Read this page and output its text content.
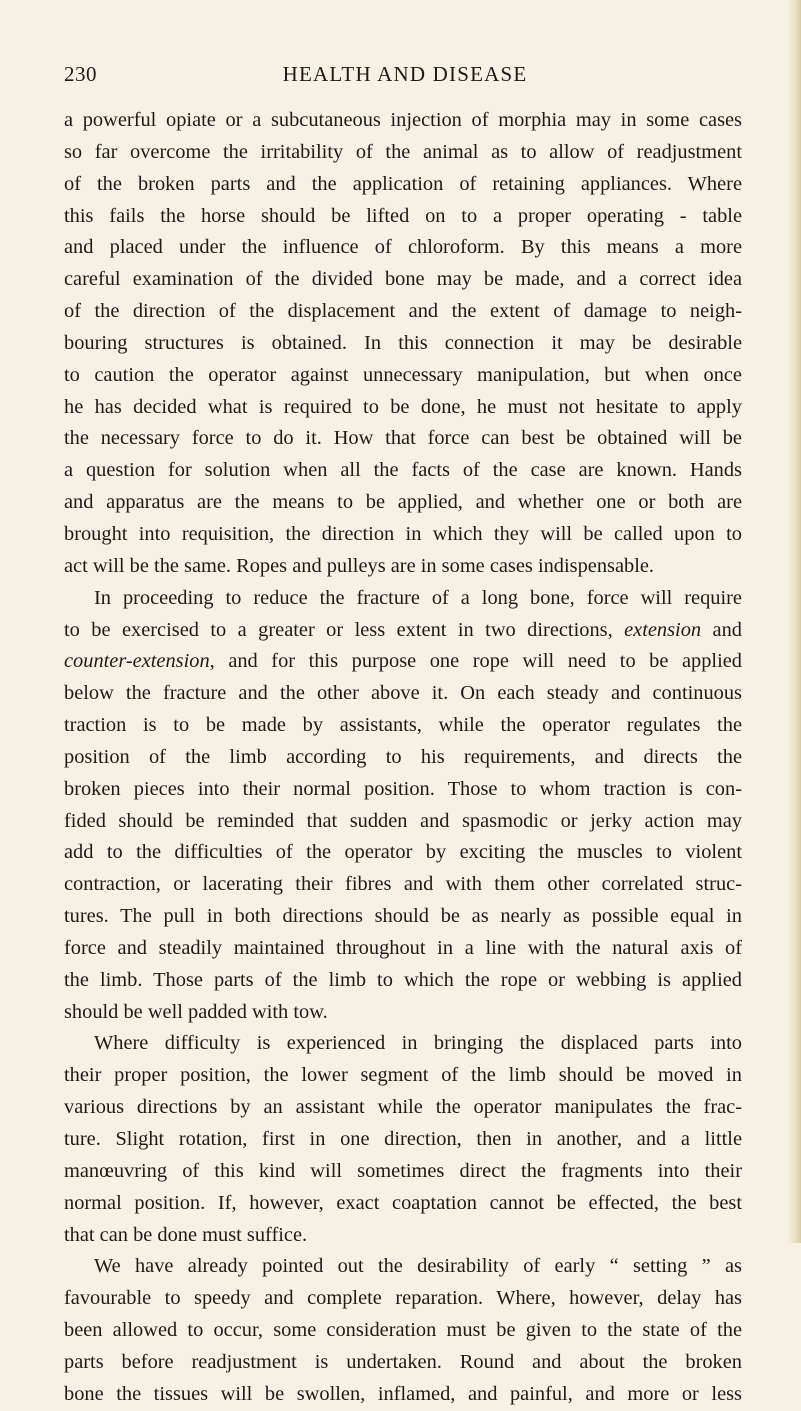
230	HEALTH AND DISEASE
a powerful opiate or a subcutaneous injection of morphia may in some cases
so far overcome the irritability of the animal as to allow of readjustment
of the broken parts and the application of retaining appliances. Where
this fails the horse should be lifted on to a proper operating - table
and placed under the influence of chloroform. By this means a more
careful examination of the divided bone may be made, and a correct idea
of the direction of the displacement and the extent of damage to neigh-
bouring structures is obtained. In this connection it may be desirable
to caution the operator against unnecessary manipulation, but when once
he has decided what is required to be done, he must not hesitate to apply
the necessary force to do it. How that force can best be obtained will be
a question for solution when all the facts of the case are known. Hands
and apparatus are the means to be applied, and whether one or both are
brought into requisition, the direction in which they will be called upon to
act will be the same. Ropes and pulleys are in some cases indispensable.
In proceeding to reduce the fracture of a long bone, force will require
to be exercised to a greater or less extent in two directions, extension and
counter-extension, and for this purpose one rope will need to be applied
below the fracture and the other above it. On each steady and continuous
traction is to be made by assistants, while the operator regulates the
position of the limb according to his requirements, and directs the
broken pieces into their normal position. Those to whom traction is con-
fided should be reminded that sudden and spasmodic or jerky action may
add to the difficulties of the operator by exciting the muscles to violent
contraction, or lacerating their fibres and with them other correlated struc-
tures. The pull in both directions should be as nearly as possible equal in
force and steadily maintained throughout in a line with the natural axis of
the limb. Those parts of the limb to which the rope or webbing is applied
should be well padded with tow.
Where difficulty is experienced in bringing the displaced parts into
their proper position, the lower segment of the limb should be moved in
various directions by an assistant while the operator manipulates the frac-
ture. Slight rotation, first in one direction, then in another, and a little
manœuvring of this kind will sometimes direct the fragments into their
normal position. If, however, exact coaptation cannot be effected, the best
that can be done must suffice.
We have already pointed out the desirability of early “ setting ” as
favourable to speedy and complete reparation. Where, however, delay has
been allowed to occur, some consideration must be given to the state of the
parts before readjustment is undertaken. Round and about the broken
bone the tissues will be swollen, inflamed, and painful, and more or less
